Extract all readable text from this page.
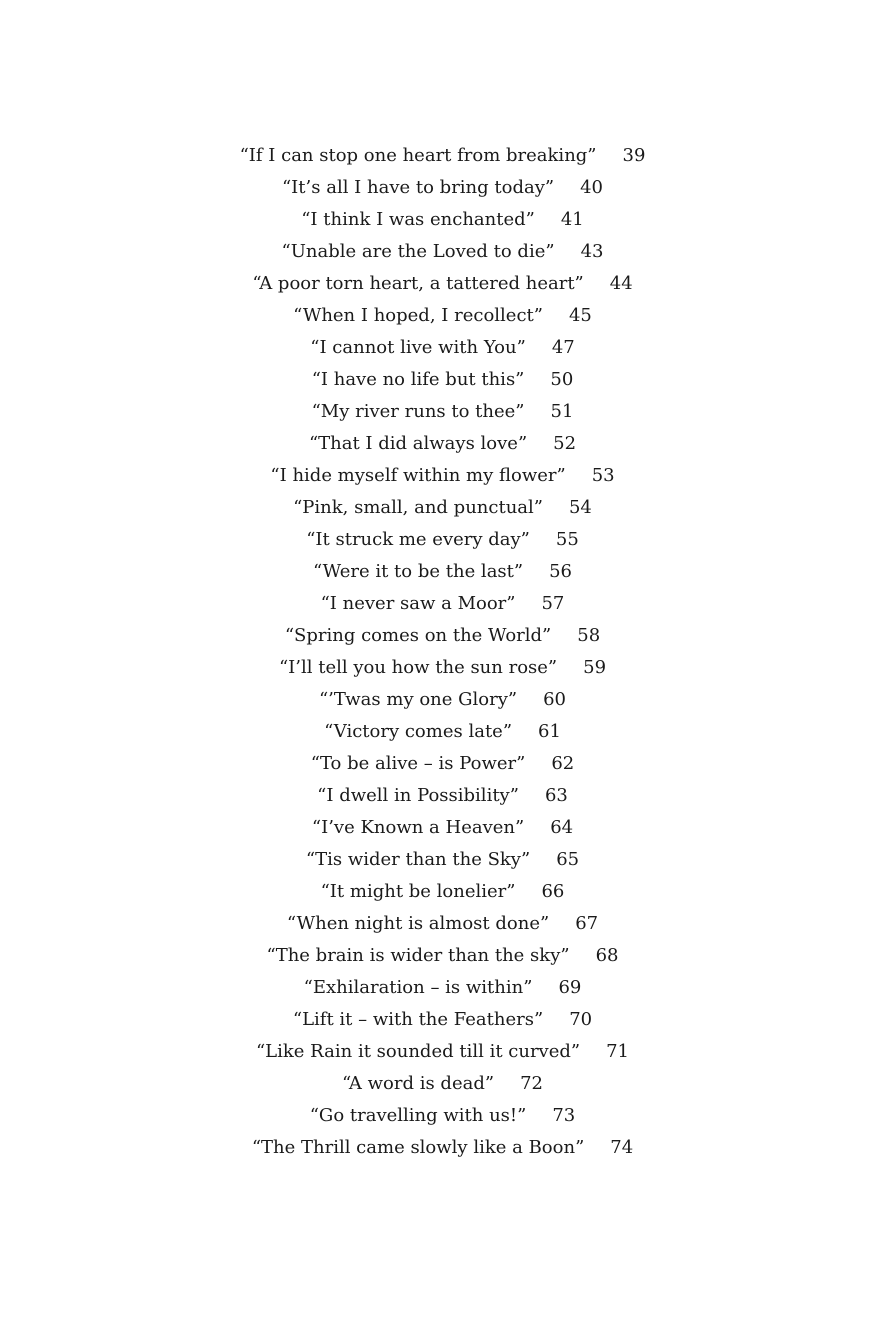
“If I can stop one heart from breaking” 39
“It’s all I have to bring today” 40
“I think I was enchanted” 41
“Unable are the Loved to die” 43
“A poor torn heart, a tattered heart” 44
“When I hoped, I recollect” 45
“I cannot live with You” 47
“I have no life but this” 50
“My river runs to thee” 51
“That I did always love” 52
“I hide myself within my flower” 53
“Pink, small, and punctual” 54
“It struck me every day” 55
“Were it to be the last” 56
“I never saw a Moor” 57
“Spring comes on the World” 58
“I’ll tell you how the sun rose” 59
“’Twas my one Glory” 60
“Victory comes late” 61
“To be alive – is Power” 62
“I dwell in Possibility” 63
“I’ve Known a Heaven” 64
“Tis wider than the Sky” 65
“It might be lonelier” 66
“When night is almost done” 67
“The brain is wider than the sky” 68
“Exhilaration – is within” 69
“Lift it – with the Feathers” 70
“Like Rain it sounded till it curved” 71
“A word is dead” 72
“Go travelling with us!” 73
“The Thrill came slowly like a Boon” 74
